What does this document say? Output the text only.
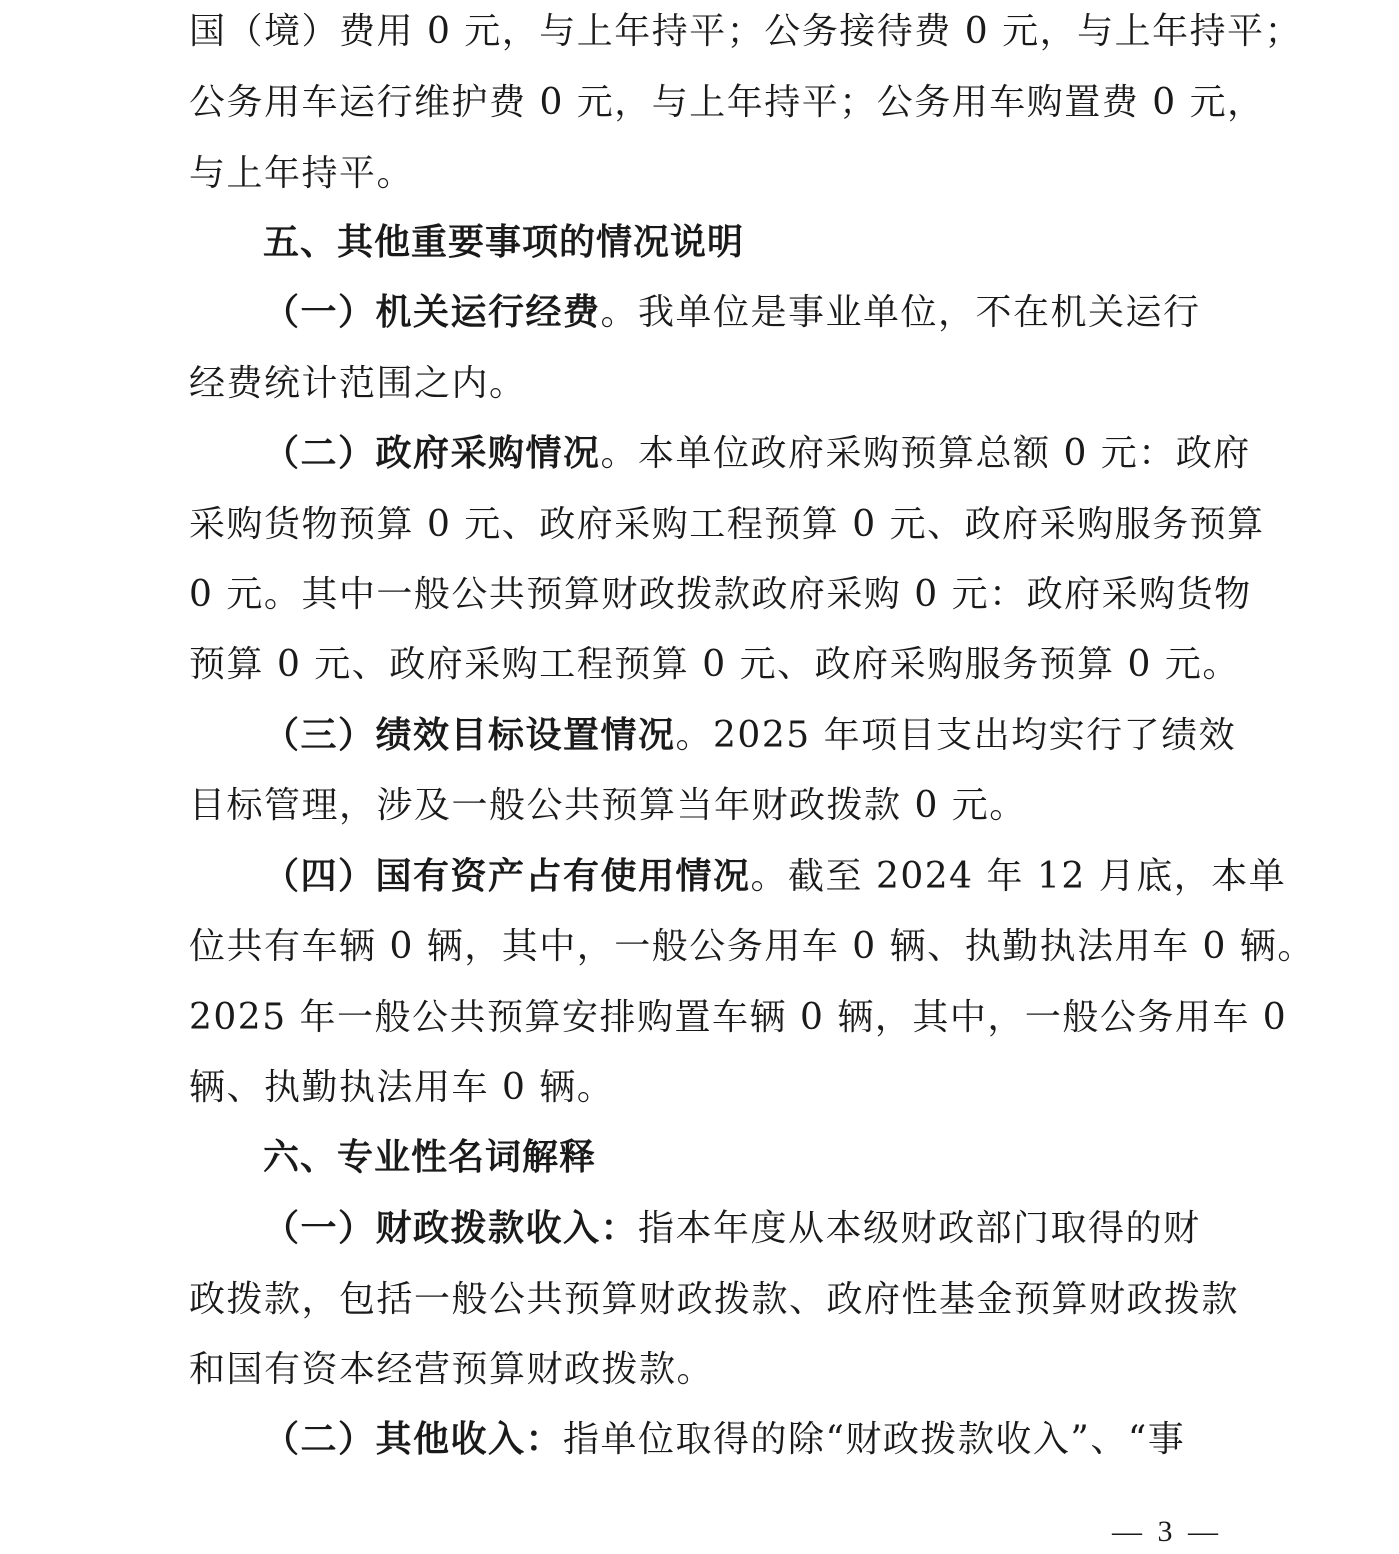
国（境）费用 0 元，与上年持平；公务接待费 0 元，与上年持平；
公务用车运行维护费 0 元，与上年持平；公务用车购置费 0 元，
与上年持平。
五、其他重要事项的情况说明
（一）机关运行经费。我单位是事业单位，不在机关运行
经费统计范围之内。
（二）政府采购情况。本单位政府采购预算总额 0 元：政府
采购货物预算 0 元、政府采购工程预算 0 元、政府采购服务预算
0 元。其中一般公共预算财政拨款政府采购 0 元：政府采购货物
预算 0 元、政府采购工程预算 0 元、政府采购服务预算 0 元。
（三）绩效目标设置情况。2025 年项目支出均实行了绩效
目标管理，涉及一般公共预算当年财政拨款 0 元。
（四）国有资产占有使用情况。截至 2024 年 12 月底，本单
位共有车辆 0 辆，其中，一般公务用车 0 辆、执勤执法用车 0 辆。
2025 年一般公共预算安排购置车辆 0 辆，其中，一般公务用车 0
辆、执勤执法用车 0 辆。
六、专业性名词解释
（一）财政拨款收入：指本年度从本级财政部门取得的财
政拨款，包括一般公共预算财政拨款、政府性基金预算财政拨款
和国有资本经营预算财政拨款。
（二）其他收入：指单位取得的除“财政拨款收入”、“事
— 3 —
